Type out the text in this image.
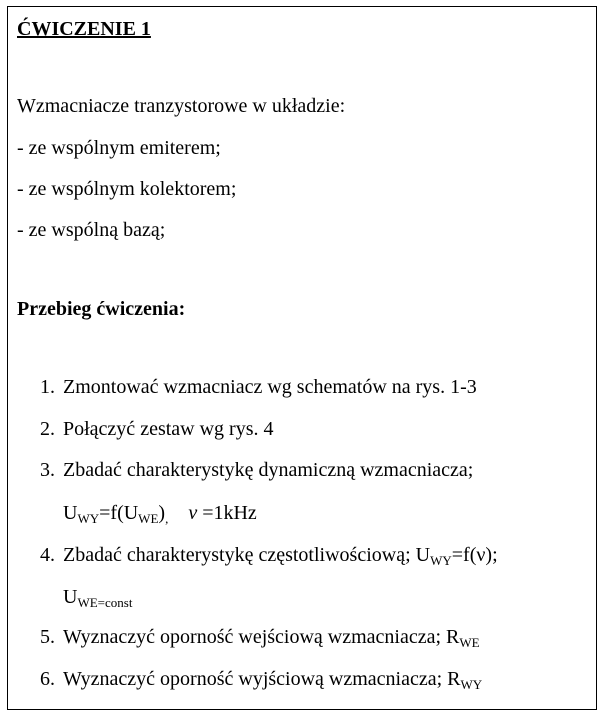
ĆWICZENIE 1
Wzmacniacze tranzystorowe w układzie:
- ze wspólnym emiterem;
- ze wspólnym kolektorem;
- ze wspólną bazą;
Przebieg ćwiczenia:
1. Zmontować wzmacniacz wg schematów na rys. 1-3
2. Połączyć zestaw wg rys. 4
3. Zbadać charakterystykę dynamiczną wzmacniacza;
$U_{WY}=f(U_{WE})_,$ ν =1kHz
4. Zbadać charakterystykę częstotliwościową; $U_{WY}=f(\nu)$;
$U_{WE=const}$
5. Wyznaczyć oporność wejściową wzmacniacza; $R_{WE}$
6. Wyznaczyć oporność wyjściową wzmacniacza; $R_{WY}$
